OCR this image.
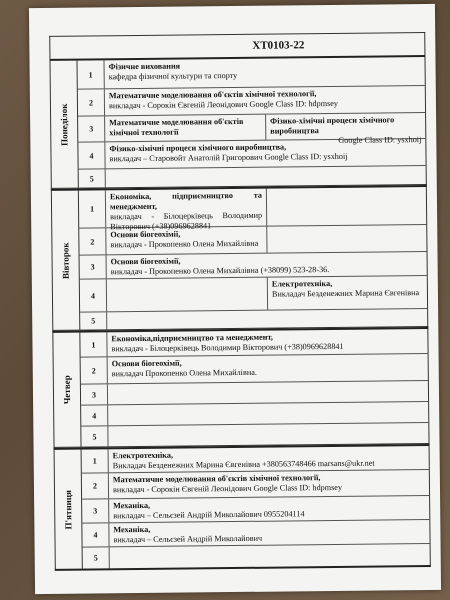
Понеділок
1
Фізичне виховання
кафедра фізичної культури та спорту
2
Математичне моделювання об'єктів хімічної технології,
викладач - Сорокін Євгеній Леонідович Google Class ID: hdpmsey
3
Математичне моделювання об'єктів хімічної технології
Фізико-хімічні процеси хімічного виробництва
Google Class ID: ysxhoij
4
Фізико-хімічні процеси хімічного виробництва,
викладач – Старовойт Анатолій Григорович Google Class ID: ysxhoij
5
Вівторок
1
Економіка, підприємництво та менеджмент,
викладач - Білоцерківець Володимир Вікторович (+38)0969628841
2
Основи біогеохімії,
викладач - Прокопенко Олена Михайлівна
3
Основи біогеохімії,
викладач - Прокопенко Олена Михайлівна (+38099) 523-28-36.
4
Електротехніка,
Викладач Безденежних Марина Євгенівна
5
Четвер
1
Економіка,підприємництво та менеджмент,
викладач - Білоцерківець Володимир Вікторович (+38)0969628841
2
Основи біогеохімії,
викладач Прокопенко Олена Михайлівна.
3
4
5
П'ятниця
1
Електротехніка,
Викладач Безденежних Марина Євгенівна +380563748466 marsans@ukr.net
2
Математичне моделювання об'єктів хімічної технології,
викладач - Сорокін Євгеній Леонідович Google Class ID: hdpmsey
3
Механіка,
викладач – Сельєзей Андрій Миколайович 0955204114
4
Механіка,
викладач – Сельєзей Андрій Миколайович
5
ХТ0103-22
